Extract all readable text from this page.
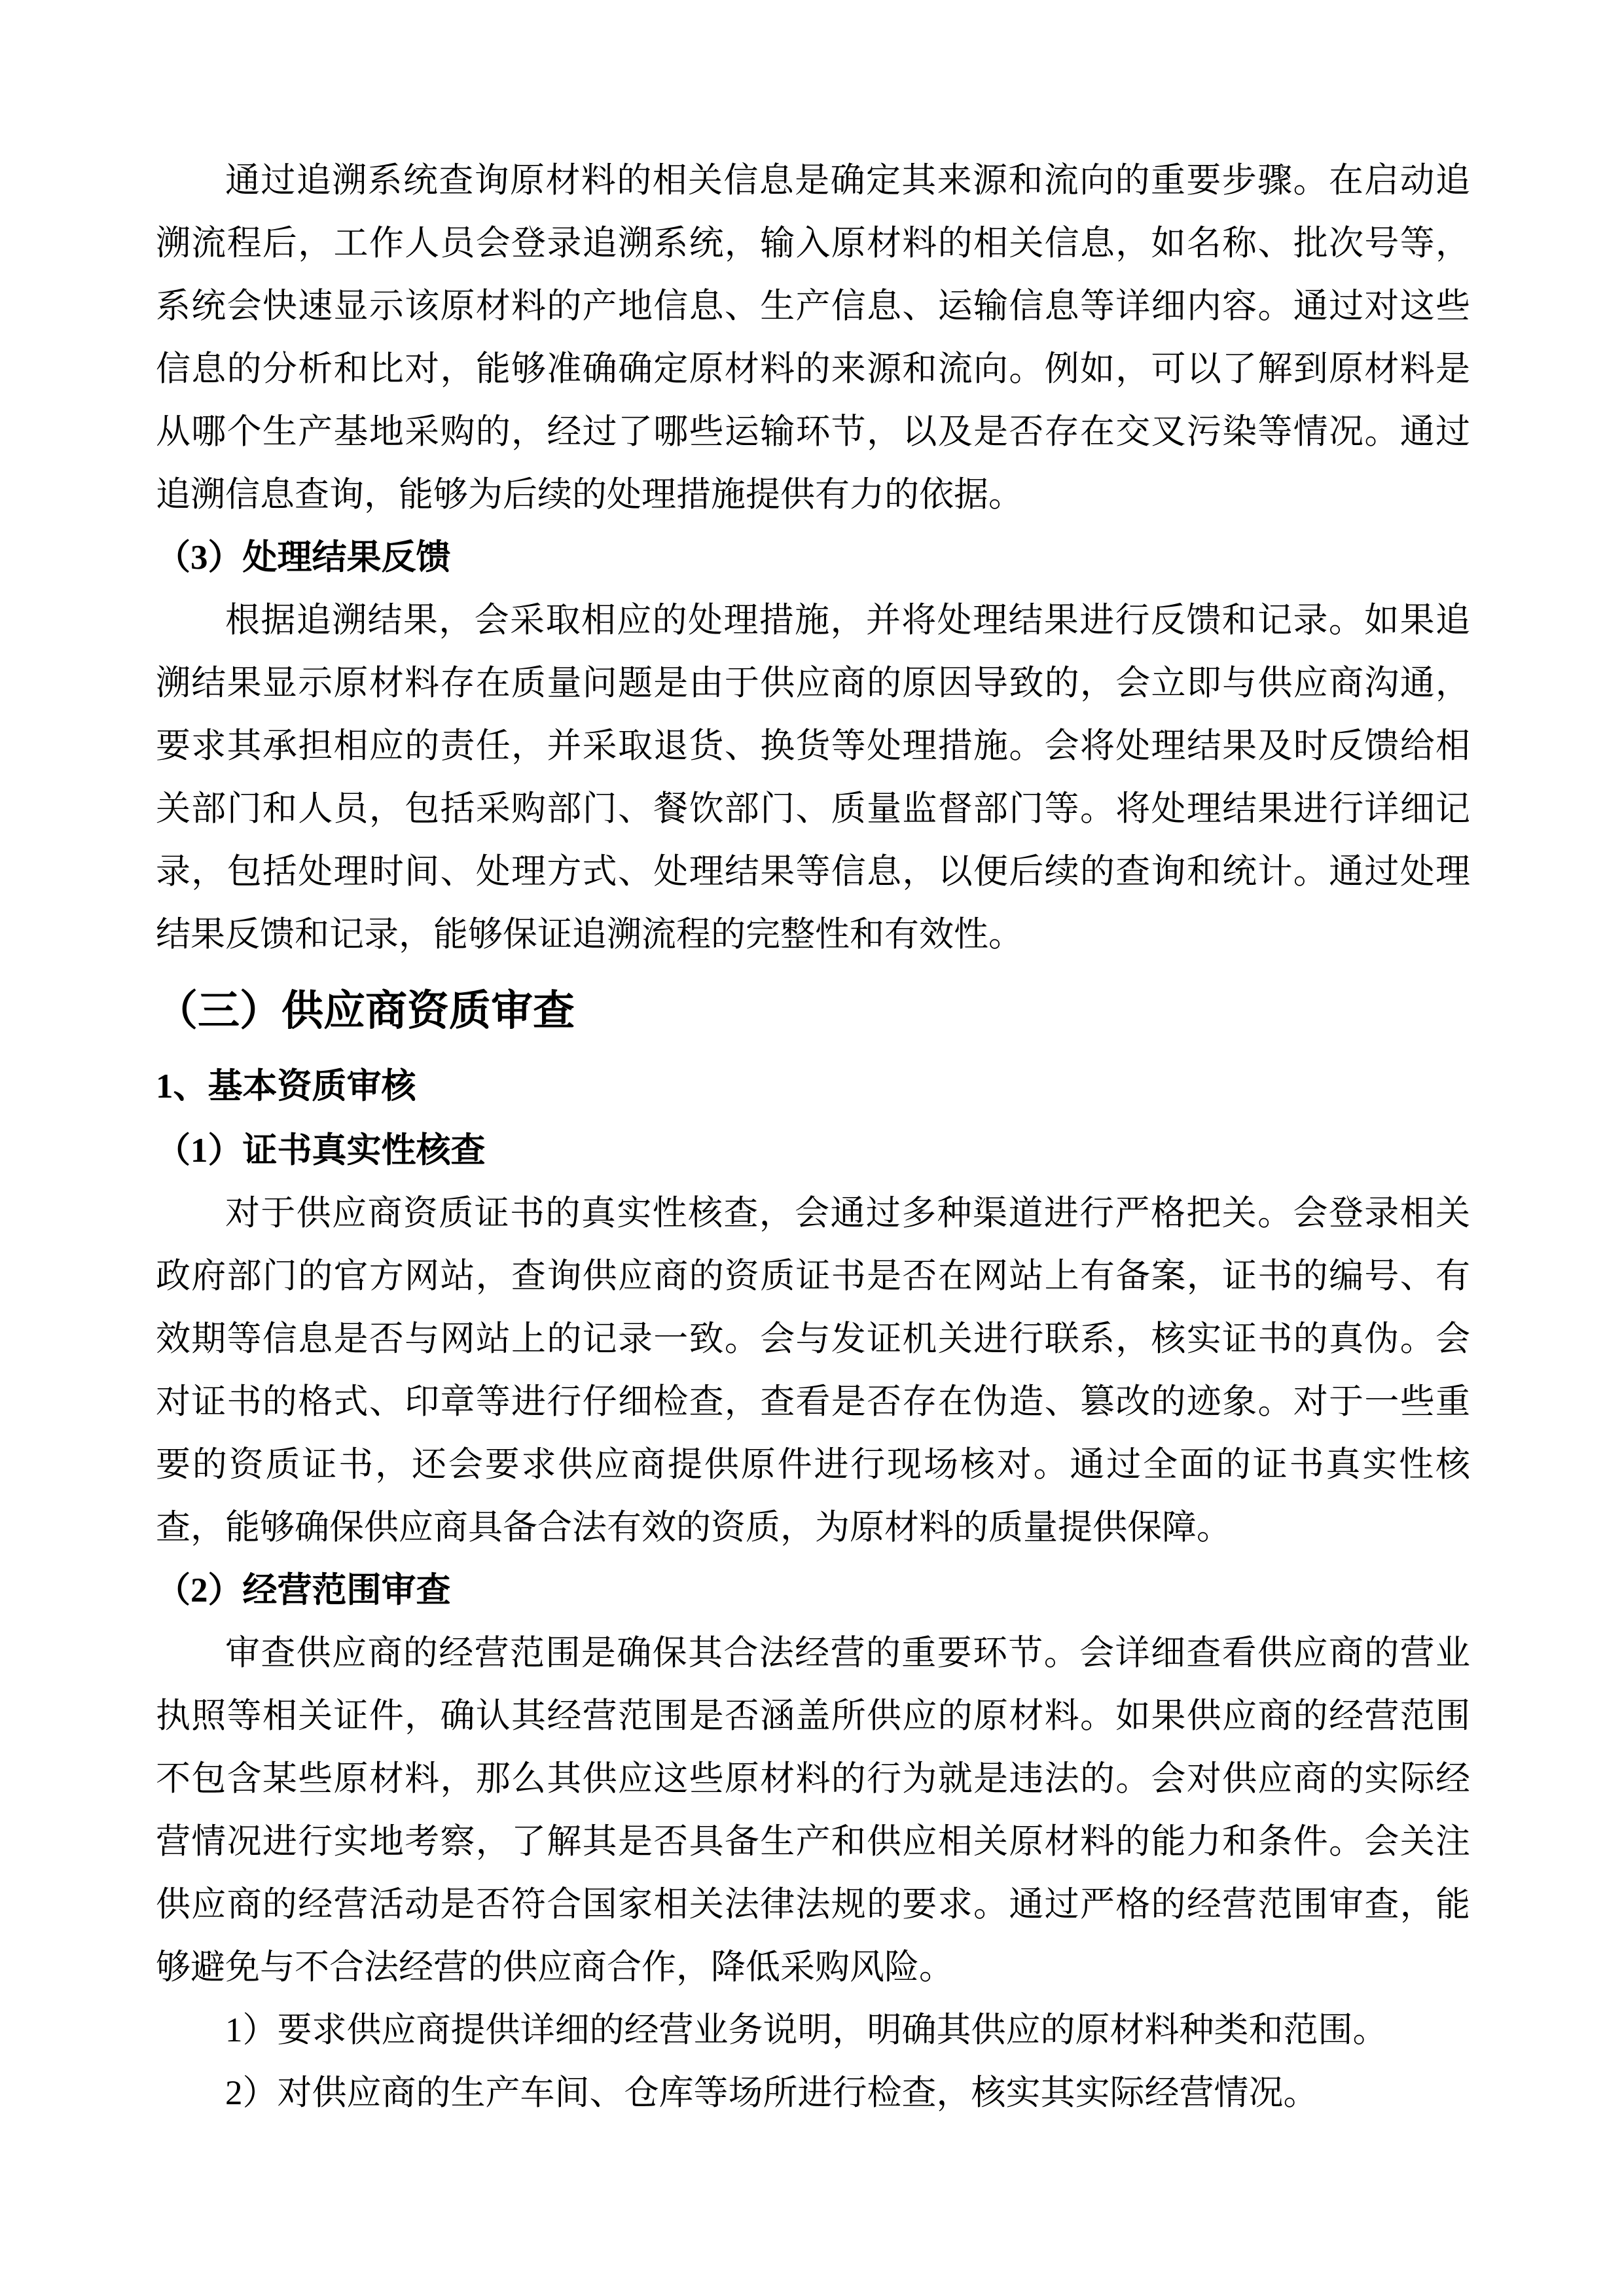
通过追溯系统查询原材料的相关信息是确定其来源和流向的重要步骤。在启动追溯流程后，工作人员会登录追溯系统，输入原材料的相关信息，如名称、批次号等，系统会快速显示该原材料的产地信息、生产信息、运输信息等详细内容。通过对这些信息的分析和比对，能够准确确定原材料的来源和流向。例如，可以了解到原材料是从哪个生产基地采购的，经过了哪些运输环节，以及是否存在交叉污染等情况。通过追溯信息查询，能够为后续的处理措施提供有力的依据。

（3）处理结果反馈

根据追溯结果，会采取相应的处理措施，并将处理结果进行反馈和记录。如果追溯结果显示原材料存在质量问题是由于供应商的原因导致的，会立即与供应商沟通，要求其承担相应的责任，并采取退货、换货等处理措施。会将处理结果及时反馈给相关部门和人员，包括采购部门、餐饮部门、质量监督部门等。将处理结果进行详细记录，包括处理时间、处理方式、处理结果等信息，以便后续的查询和统计。通过处理结果反馈和记录，能够保证追溯流程的完整性和有效性。

（三）供应商资质审查

1、基本资质审核

（1）证书真实性核查

对于供应商资质证书的真实性核查，会通过多种渠道进行严格把关。会登录相关政府部门的官方网站，查询供应商的资质证书是否在网站上有备案，证书的编号、有效期等信息是否与网站上的记录一致。会与发证机关进行联系，核实证书的真伪。会对证书的格式、印章等进行仔细检查，查看是否存在伪造、篡改的迹象。对于一些重要的资质证书，还会要求供应商提供原件进行现场核对。通过全面的证书真实性核查，能够确保供应商具备合法有效的资质，为原材料的质量提供保障。

（2）经营范围审查

审查供应商的经营范围是确保其合法经营的重要环节。会详细查看供应商的营业执照等相关证件，确认其经营范围是否涵盖所供应的原材料。如果供应商的经营范围不包含某些原材料，那么其供应这些原材料的行为就是违法的。会对供应商的实际经营情况进行实地考察，了解其是否具备生产和供应相关原材料的能力和条件。会关注供应商的经营活动是否符合国家相关法律法规的要求。通过严格的经营范围审查，能够避免与不合法经营的供应商合作，降低采购风险。

1）要求供应商提供详细的经营业务说明，明确其供应的原材料种类和范围。

2）对供应商的生产车间、仓库等场所进行检查，核实其实际经营情况。
